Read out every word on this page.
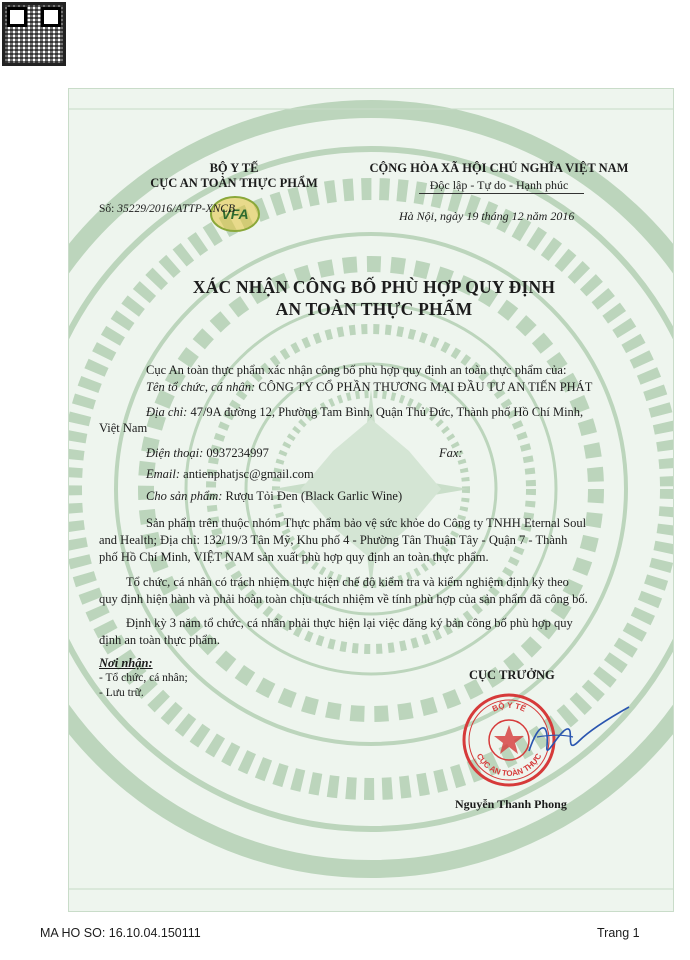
BỘ Y TẾ
CỤC AN TOÀN THỰC PHẨM
VFA
Số: 35229/2016/ATTP-XNCB
CỘNG HÒA XÃ HỘI CHỦ NGHĨA VIỆT NAM
Độc lập - Tự do - Hạnh phúc
Hà Nội, ngày 19 tháng 12 năm 2016
XÁC NHẬN CÔNG BỐ PHÙ HỢP QUY ĐỊNH
AN TOÀN THỰC PHẨM
Cục An toàn thực phẩm xác nhận công bố phù hợp quy định an toàn thực phẩm của:
Tên tổ chức, cá nhân: CÔNG TY CỔ PHẦN THƯƠNG MẠI ĐẦU TƯ AN TIẾN PHÁT
Địa chỉ: 47/9A đường 12, Phường Tam Bình, Quận Thủ Đức, Thành phố Hồ Chí Minh,
Việt Nam
Điện thoại: 0937234997	Fax:
Email: antienphatjsc@gmail.com
Cho sản phẩm: Rượu Tỏi Đen (Black Garlic Wine)
Sản phẩm trên thuộc nhóm Thực phẩm bảo vệ sức khỏe do Công ty TNHH Eternal Soul
and Health; Địa chỉ: 132/19/3 Tân Mỹ, Khu phố 4 - Phường Tân Thuận Tây - Quận 7 - Thành
phố Hồ Chí Minh, VIỆT NAM sản xuất phù hợp quy định an toàn thực phẩm.
Tổ chức, cá nhân có trách nhiệm thực hiện chế độ kiểm tra và kiểm nghiệm định kỳ theo
quy định hiện hành và phải hoàn toàn chịu trách nhiệm về tính phù hợp của sản phẩm đã công bố.
Định kỳ 3 năm tổ chức, cá nhân phải thực hiện lại việc đăng ký bản công bố phù hợp quy
định an toàn thực phẩm.
Nơi nhận:
- Tổ chức, cá nhân;
- Lưu trữ.
CỤC TRƯỞNG
BỘ Y TẾ
CỤC AN TOÀN THỰC
Nguyễn Thanh Phong
MA HO SO: 16.10.04.150111	Trang 1
